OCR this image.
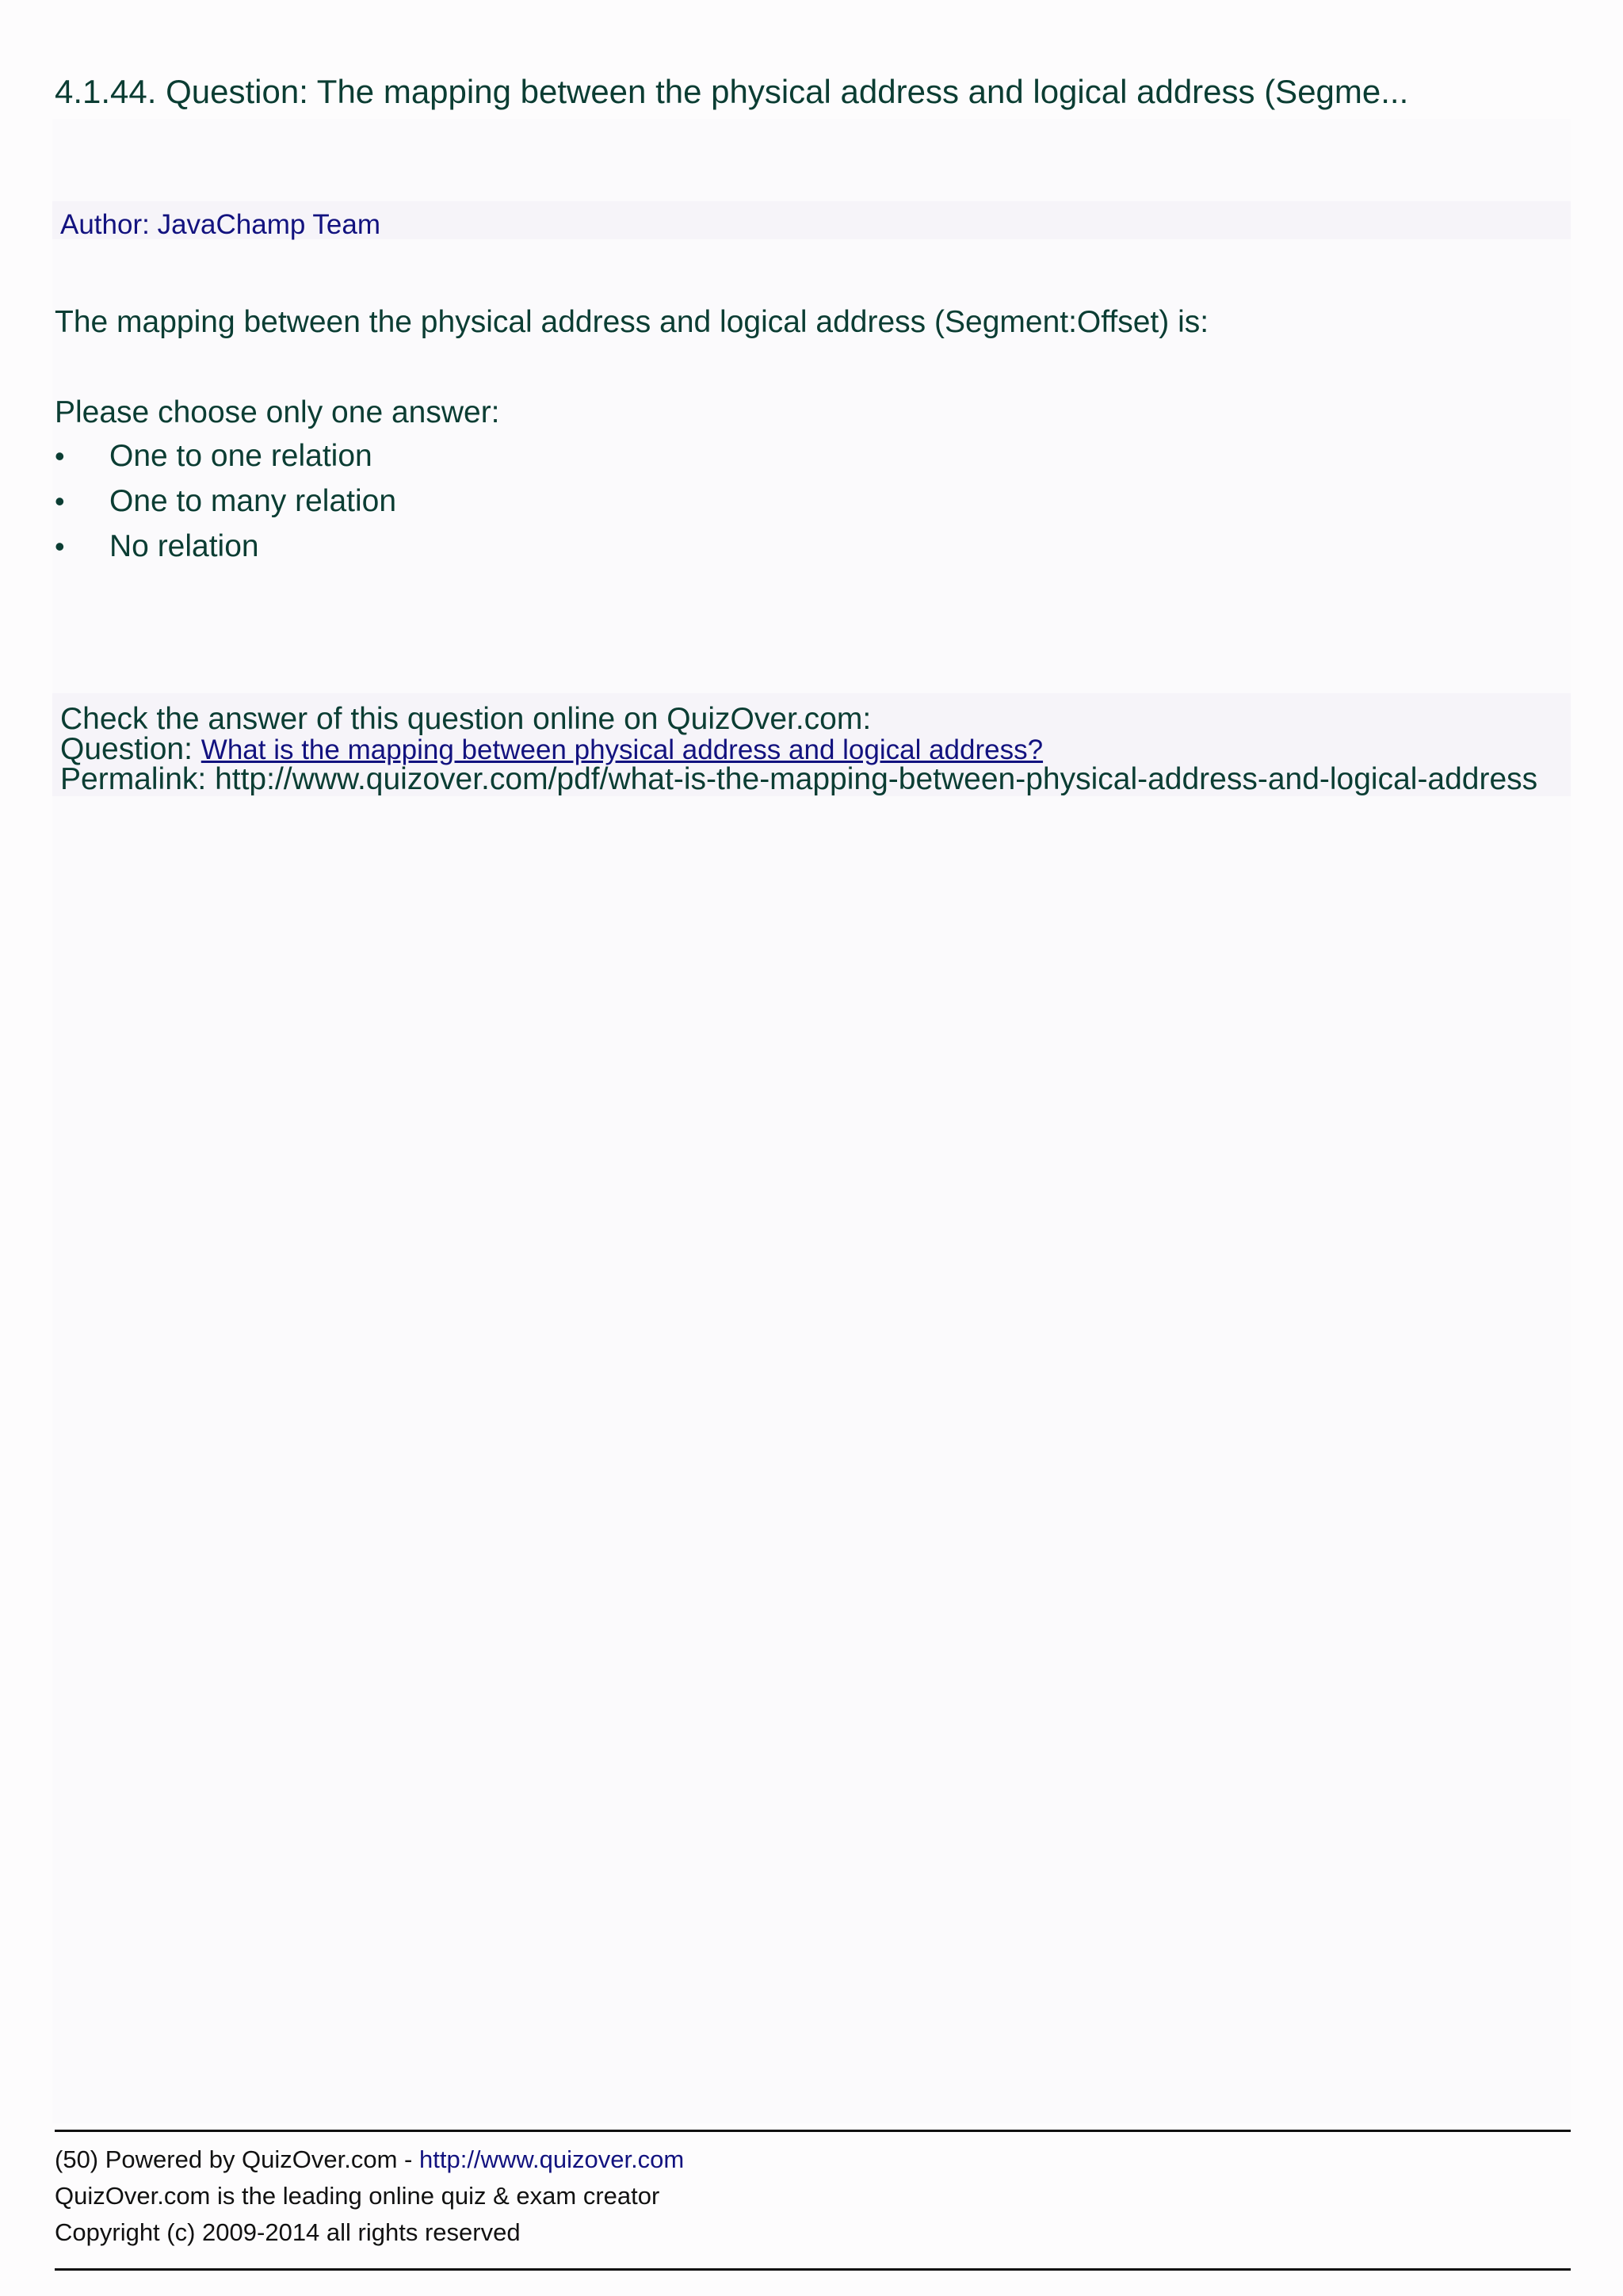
4.1.44. Question: The mapping between the physical address and logical address (Segme...
Author: JavaChamp Team
The mapping between the physical address and logical address (Segment:Offset) is:
Please choose only one answer:
• One to one relation
• One to many relation
• No relation
Check the answer of this question online on QuizOver.com:
Question: What is the mapping between physical address and logical address?
Permalink: http://www.quizover.com/pdf/what-is-the-mapping-between-physical-address-and-logical-address
(50) Powered by QuizOver.com - http://www.quizover.com
QuizOver.com is the leading online quiz & exam creator
Copyright (c) 2009-2014 all rights reserved
